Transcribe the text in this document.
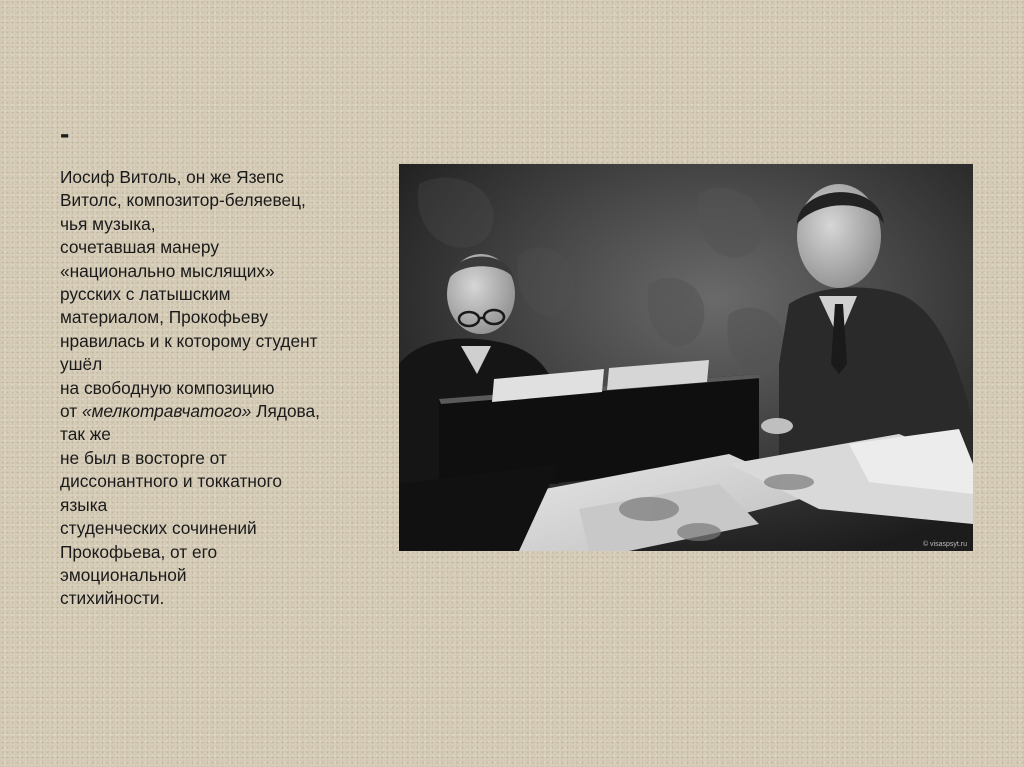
-
Иосиф Витоль, он же Язепс
Витолс, композитор-беляевец,
чья музыка,
сочетавшая манеру
«национально мыслящих»
русских с латышским
материалом, Прокофьеву
нравилась и к которому студент
ушёл
на свободную композицию
от «мелкотравчатого» Лядова,
так же
не был в восторге от
диссонантного и токкатного
языка
студенческих сочинений
Прокофьева, от его
эмоциональной
стихийности.
© visaspsyt.ru
